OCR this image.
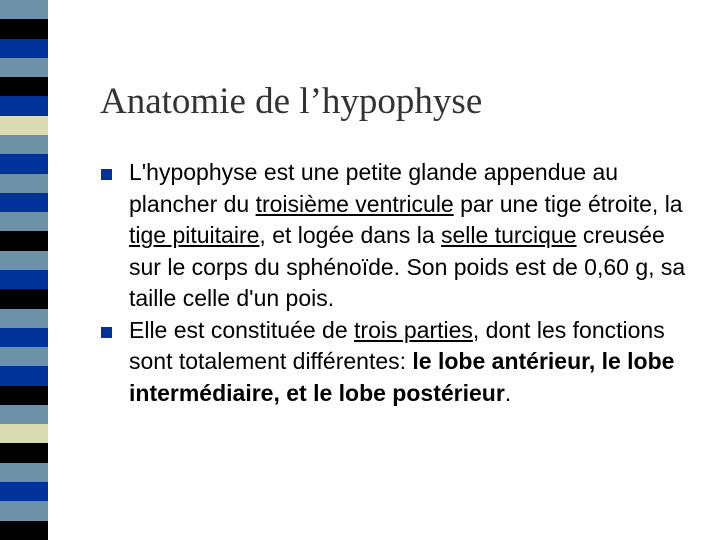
Anatomie de l’hypophyse
L'hypophyse est une petite glande appendue au plancher du troisième ventricule par une tige étroite, la tige pituitaire, et logée dans la selle turcique creusée sur le corps du sphénoïde. Son poids est de 0,60 g, sa taille celle d'un pois.
Elle est constituée de trois parties, dont les fonctions sont totalement différentes: le lobe antérieur, le lobe intermédiaire, et le lobe postérieur.
